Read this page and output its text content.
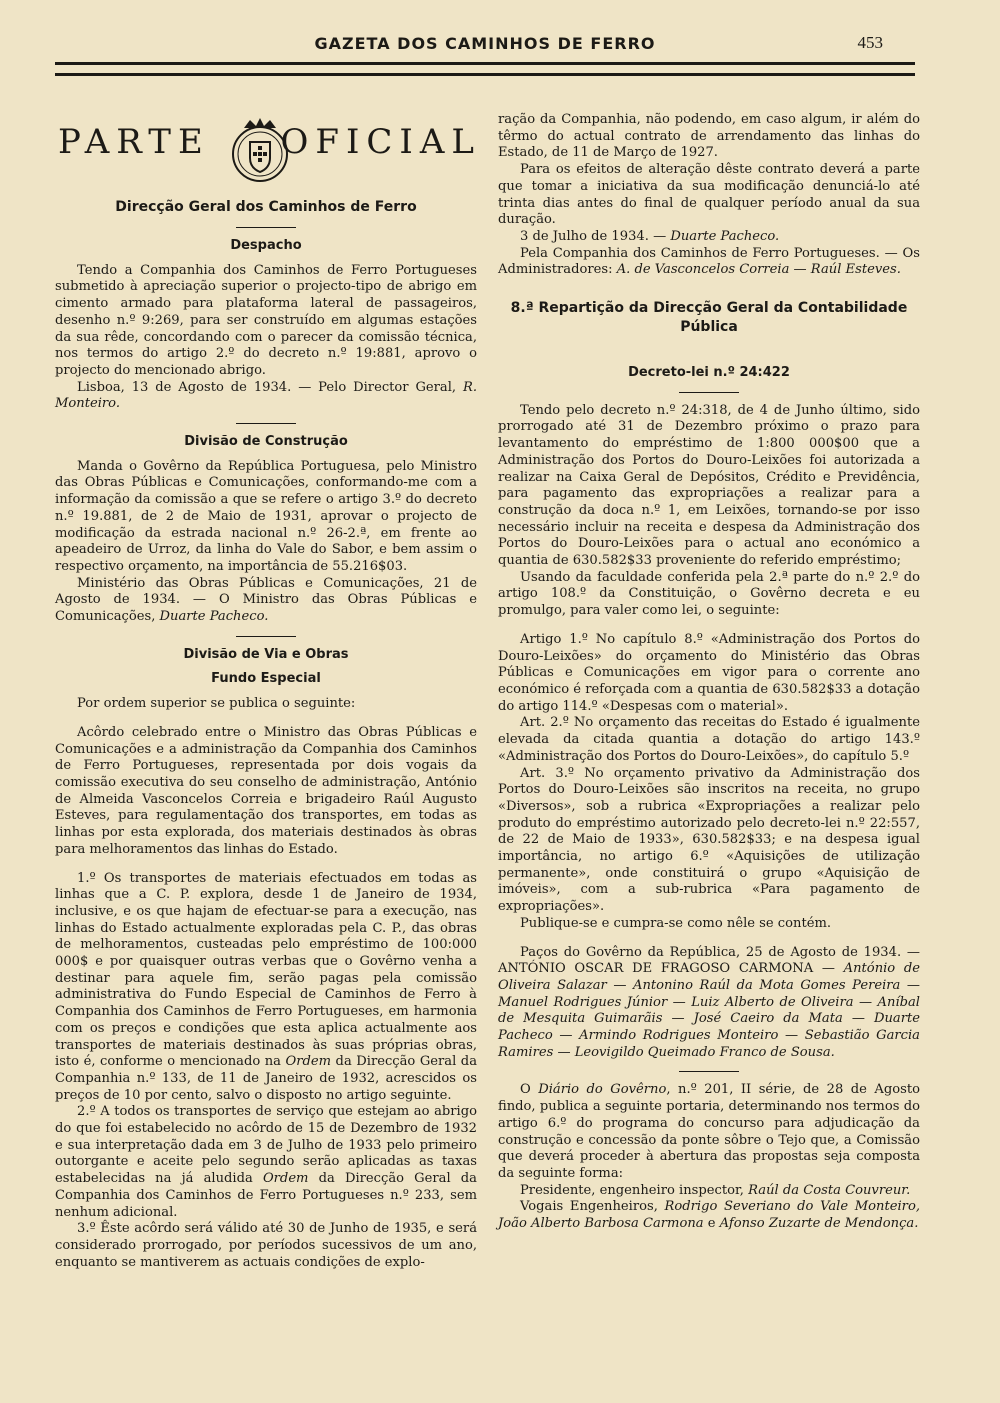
GAZETA DOS CAMINHOS DE FERRO	453
PARTE OFICIAL
Direcção Geral dos Caminhos de Ferro
Despacho

Tendo a Companhia dos Caminhos de Ferro Portugueses submetido à apreciação superior o projecto-tipo de abrigo em cimento armado para plataforma lateral de passageiros, desenho n.º 9:269, para ser construído em algumas estações da sua rêde, concordando com o parecer da comissão técnica, nos termos do artigo 2.º do decreto n.º 19:881, aprovo o projecto do mencionado abrigo.

Lisboa, 13 de Agosto de 1934. — Pelo Director Geral, R. Monteiro.

Divisão de Construção

Manda o Govêrno da República Portuguesa, pelo Ministro das Obras Públicas e Comunicações, conformando-me com a informação da comissão a que se refere o artigo 3.º do decreto n.º 19.881, de 2 de Maio de 1931, aprovar o projecto de modificação da estrada nacional n.º 26-2.ª, em frente ao apeadeiro de Urroz, da linha do Vale do Sabor, e bem assim o respectivo orçamento, na importância de 55.216$03.

Ministério das Obras Públicas e Comunicações, 21 de Agosto de 1934. — O Ministro das Obras Públicas e Comunicações, Duarte Pacheco.

Divisão de Via e Obras
Fundo Especial

Por ordem superior se publica o seguinte:

Acôrdo celebrado entre o Ministro das Obras Públicas e Comunicações e a administração da Companhia dos Caminhos de Ferro Portugueses, representada por dois vogais da comissão executiva do seu conselho de administração, António de Almeida Vasconcelos Correia e brigadeiro Raúl Augusto Esteves, para regulamentação dos transportes, em todas as linhas por esta explorada, dos materiais destinados às obras para melhoramentos das linhas do Estado.

1.º Os transportes de materiais efectuados em todas as linhas que a C. P. explora, desde 1 de Janeiro de 1934, inclusive, e os que hajam de efectuar-se para a execução, nas linhas do Estado actualmente exploradas pela C. P., das obras de melhoramentos, custeadas pelo empréstimo de 100:000 000$ e por quaisquer outras verbas que o Govêrno venha a destinar para aquele fim, serão pagas pela comissão administrativa do Fundo Especial de Caminhos de Ferro à Companhia dos Caminhos de Ferro Portugueses, em harmonia com os preços e condições que esta aplica actualmente aos transportes de materiais destinados às suas próprias obras, isto é, conforme o mencionado na Ordem da Direcção Geral da Companhia n.º 133, de 11 de Janeiro de 1932, acrescidos os preços de 10 por cento, salvo o disposto no artigo seguinte.

2.º A todos os transportes de serviço que estejam ao abrigo do que foi estabelecido no acôrdo de 15 de Dezembro de 1932 e sua interpretação dada em 3 de Julho de 1933 pelo primeiro outorgante e aceite pelo segundo serão aplicadas as taxas estabelecidas na já aludida Ordem da Direcção Geral da Companhia dos Caminhos de Ferro Portugueses n.º 233, sem nenhum adicional.

3.º Êste acôrdo será válido até 30 de Junho de 1935, e será considerado prorrogado, por períodos sucessivos de um ano, enquanto se mantiverem as actuais condições de explo-

ração da Companhia, não podendo, em caso algum, ir além do têrmo do actual contrato de arrendamento das linhas do Estado, de 11 de Março de 1927.

Para os efeitos de alteração dêste contrato deverá a parte que tomar a iniciativa da sua modificação denunciá-lo até trinta dias antes do final de qualquer período anual da sua duração.

3 de Julho de 1934. — Duarte Pacheco.

Pela Companhia dos Caminhos de Ferro Portugueses. — Os Administradores: A. de Vasconcelos Correia — Raúl Esteves.

8.ª Repartição da Direcção Geral da Contabilidade Pública
Decreto-lei n.º 24:422

Tendo pelo decreto n.º 24:318, de 4 de Junho último, sido prorrogado até 31 de Dezembro próximo o prazo para levantamento do empréstimo de 1:800 000$00 que a Administração dos Portos do Douro-Leixões foi autorizada a realizar na Caixa Geral de Depósitos, Crédito e Previdência, para pagamento das expropriações a realizar para a construção da doca n.º 1, em Leixões, tornando-se por isso necessário incluir na receita e despesa da Administração dos Portos do Douro-Leixões para o actual ano económico a quantia de 630.582$33 proveniente do referido empréstimo;

Usando da faculdade conferida pela 2.ª parte do n.º 2.º do artigo 108.º da Constituição, o Govêrno decreta e eu promulgo, para valer como lei, o seguinte:

Artigo 1.º No capítulo 8.º «Administração dos Portos do Douro-Leixões» do orçamento do Ministério das Obras Públicas e Comunicações em vigor para o corrente ano económico é reforçada com a quantia de 630.582$33 a dotação do artigo 114.º «Despesas com o material».

Art. 2.º No orçamento das receitas do Estado é igualmente elevada da citada quantia a dotação do artigo 143.º «Administração dos Portos do Douro-Leixões», do capítulo 5.º

Art. 3.º No orçamento privativo da Administração dos Portos do Douro-Leixões são inscritos na receita, no grupo «Diversos», sob a rubrica «Expropriações a realizar pelo produto do empréstimo autorizado pelo decreto-lei n.º 22:557, de 22 de Maio de 1933», 630.582$33; e na despesa igual importância, no artigo 6.º «Aquisições de utilização permanente», onde constituirá o grupo «Aquisição de imóveis», com a sub-rubrica «Para pagamento de expropriações».

Publique-se e cumpra-se como nêle se contém.

Paços do Govêrno da República, 25 de Agosto de 1934. — ANTÓNIO OSCAR DE FRAGOSO CARMONA — António de Oliveira Salazar — Antonino Raúl da Mota Gomes Pereira — Manuel Rodrigues Júnior — Luiz Alberto de Oliveira — Aníbal de Mesquita Guimarãis — José Caeiro da Mata — Duarte Pacheco — Armindo Rodrigues Monteiro — Sebastião Garcia Ramires — Leovigildo Queimado Franco de Sousa.

O Diário do Govêrno, n.º 201, II série, de 28 de Agosto findo, publica a seguinte portaria, determinando nos termos do artigo 6.º do programa do concurso para adjudicação da construção e concessão da ponte sôbre o Tejo que, a Comissão que deverá proceder à abertura das propostas seja composta da seguinte forma:

Presidente, engenheiro inspector, Raúl da Costa Couvreur.

Vogais Engenheiros, Rodrigo Severiano do Vale Monteiro, João Alberto Barbosa Carmona e Afonso Zuzarte de Mendonça.
